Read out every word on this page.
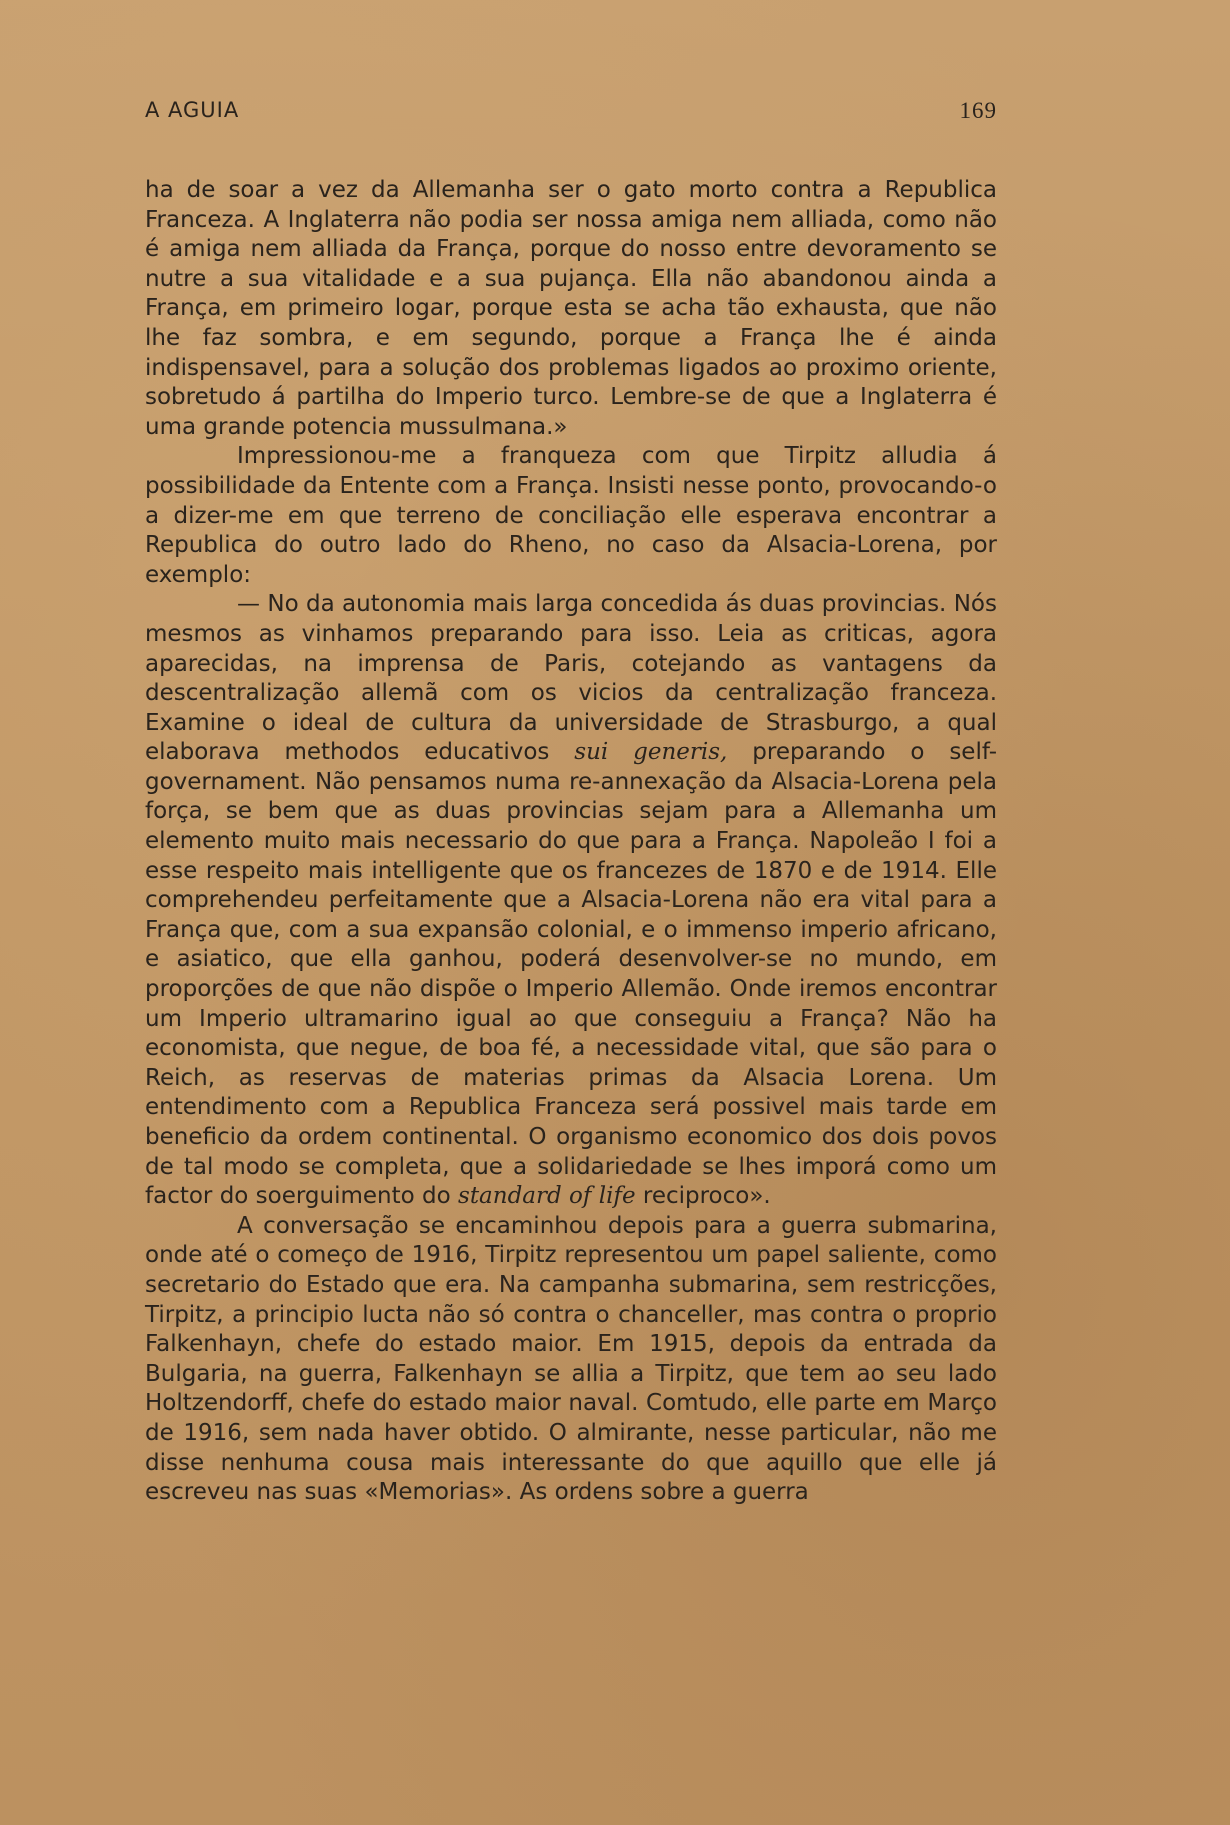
A AGUIA	169

ha de soar a vez da Allemanha ser o gato morto contra a Republica Franceza. A Inglaterra não podia ser nossa amiga nem alliada, como não é amiga nem alliada da França, porque do nosso entre devoramento se nutre a sua vitalidade e a sua pujança. Ella não abandonou ainda a França, em primeiro logar, porque esta se acha tão exhausta, que não lhe faz sombra, e em segundo, porque a França lhe é ainda indispensavel, para a solução dos problemas ligados ao proximo oriente, sobretudo á partilha do Imperio turco. Lembre-se de que a Inglaterra é uma grande potencia mussulmana.»

Impressionou-me a franqueza com que Tirpitz alludia á possibilidade da Entente com a França. Insisti nesse ponto, provocando-o a dizer-me em que terreno de conciliação elle esperava encontrar a Republica do outro lado do Rheno, no caso da Alsacia-Lorena, por exemplo:

— No da autonomia mais larga concedida ás duas provincias. Nós mesmos as vinhamos preparando para isso. Leia as criticas, agora aparecidas, na imprensa de Paris, cotejando as vantagens da descentralização allemã com os vicios da centralização franceza. Examine o ideal de cultura da universidade de Strasburgo, a qual elaborava methodos educativos sui generis, preparando o self-governament. Não pensamos numa re-annexação da Alsacia-Lorena pela força, se bem que as duas provincias sejam para a Allemanha um elemento muito mais necessario do que para a França. Napoleão I foi a esse respeito mais intelligente que os francezes de 1870 e de 1914. Elle comprehendeu perfeitamente que a Alsacia-Lorena não era vital para a França que, com a sua expansão colonial, e o immenso imperio africano, e asiatico, que ella ganhou, poderá desenvolver-se no mundo, em proporções de que não dispõe o Imperio Allemão. Onde iremos encontrar um Imperio ultramarino igual ao que conseguiu a França? Não ha economista, que negue, de boa fé, a necessidade vital, que são para o Reich, as reservas de materias primas da Alsacia Lorena. Um entendimento com a Republica Franceza será possivel mais tarde em beneficio da ordem continental. O organismo economico dos dois povos de tal modo se completa, que a solidariedade se lhes imporá como um factor do soerguimento do standard of life reciproco».

A conversação se encaminhou depois para a guerra submarina, onde até o começo de 1916, Tirpitz representou um papel saliente, como secretario do Estado que era. Na campanha submarina, sem restricções, Tirpitz, a principio lucta não só contra o chanceller, mas contra o proprio Falkenhayn, chefe do estado maior. Em 1915, depois da entrada da Bulgaria, na guerra, Falkenhayn se allia a Tirpitz, que tem ao seu lado Holtzendorff, chefe do estado maior naval. Comtudo, elle parte em Março de 1916, sem nada haver obtido. O almirante, nesse particular, não me disse nenhuma cousa mais interessante do que aquillo que elle já escreveu nas suas «Memorias». As ordens sobre a guerra
